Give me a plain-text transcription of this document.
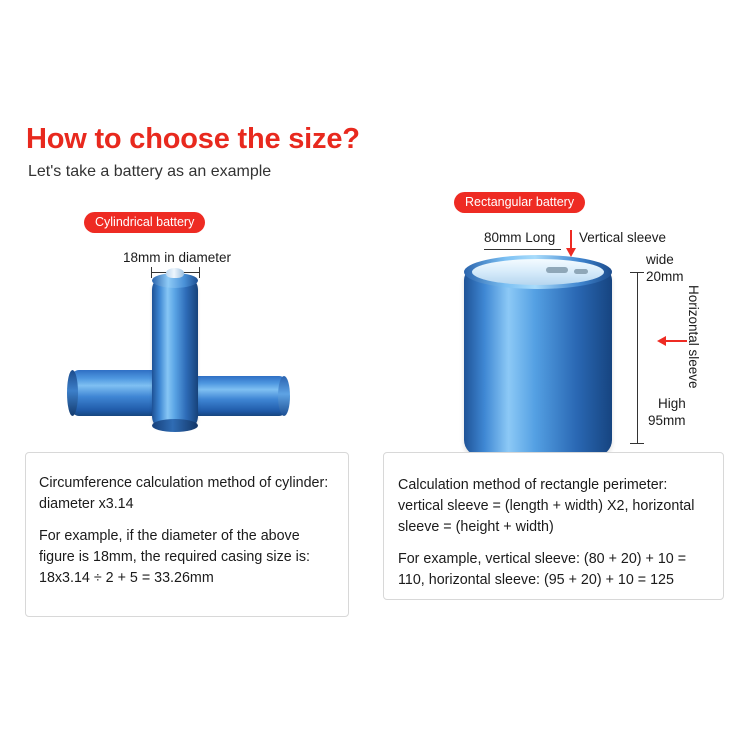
How to choose the size?
Let's take a battery as an example
Cylindrical battery
Rectangular battery
18mm in diameter
80mm Long Vertical sleeve
wide
20mm
Horizontal sleeve
High
95mm

Circumference calculation method of cylinder: diameter x3.14

For example, if the diameter of the above figure is 18mm, the required casing size is: 18x3.14 ÷ 2 + 5 = 33.26mm

Calculation method of rectangle perimeter: vertical sleeve = (length + width) X2, horizontal sleeve = (height + width)

For example, vertical sleeve: (80 + 20) + 10 = 110, horizontal sleeve: (95 + 20) + 10 = 125
